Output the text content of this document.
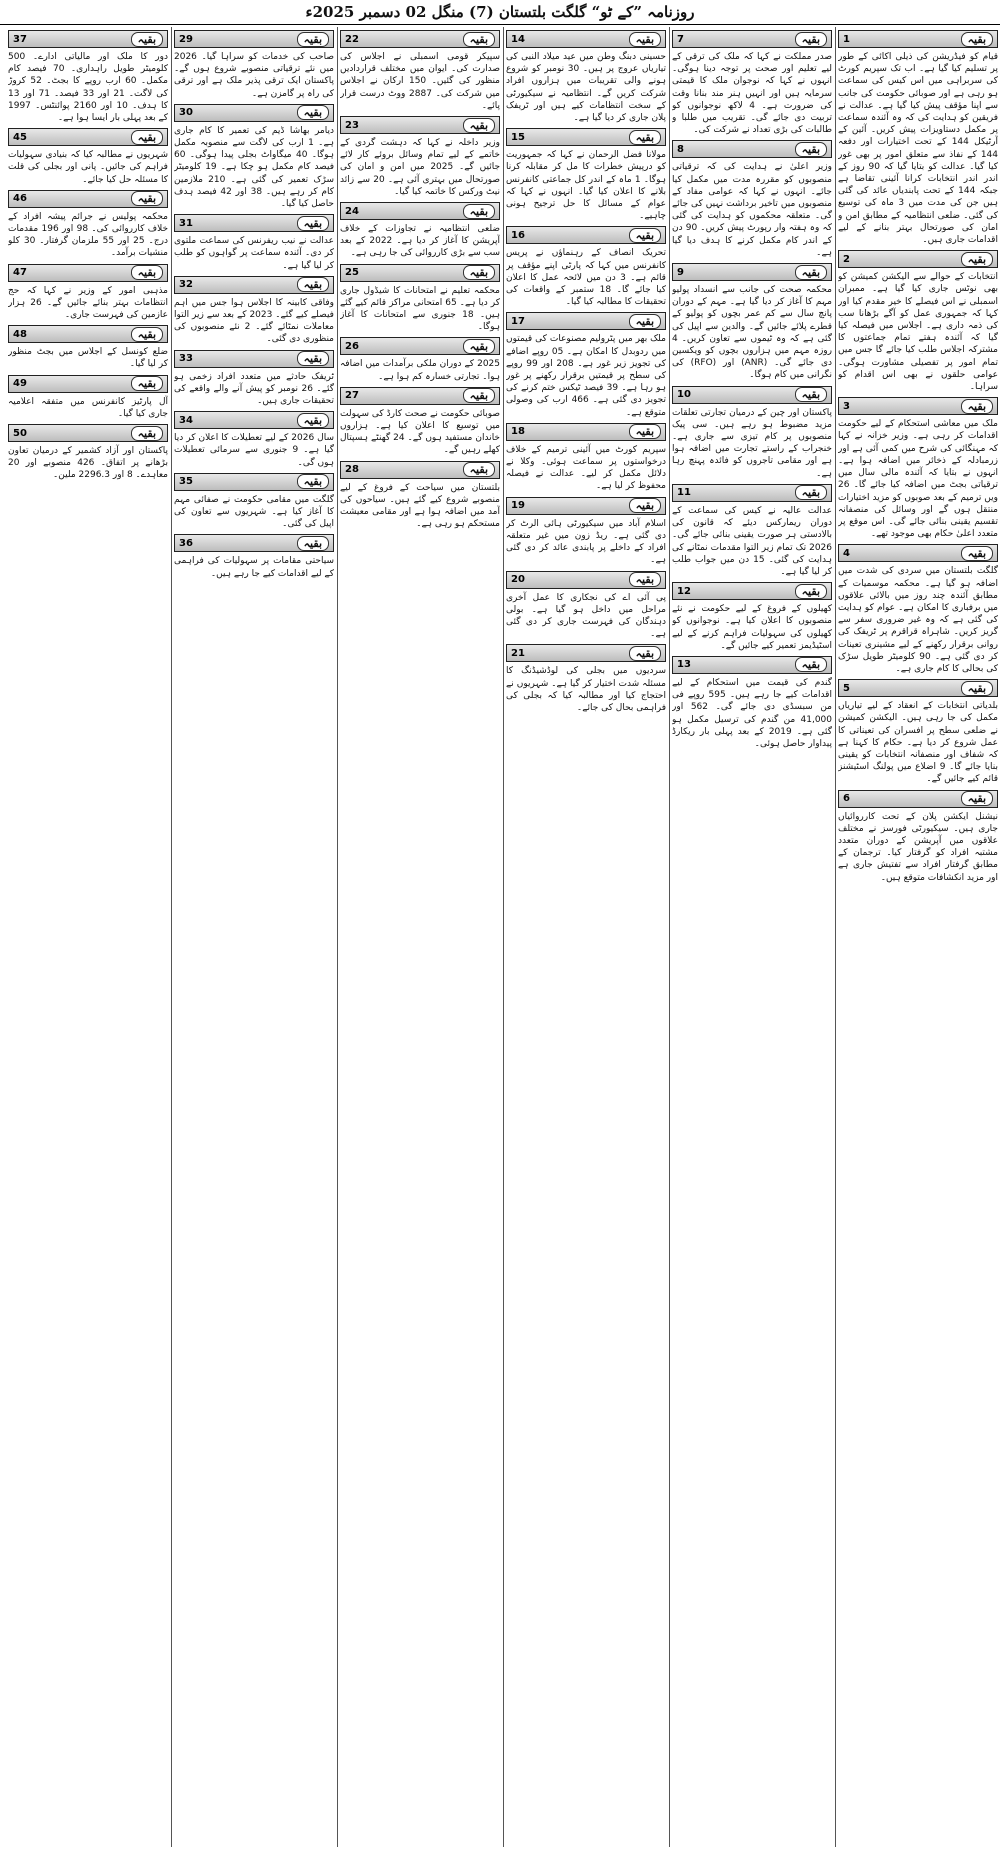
روزنامہ ”کے ٹو“ گلگت بلتستان (7) منگل 02 دسمبر 2025ء
بقیہ
1

قیام کو فیڈریشن کی ذیلی اکائی کے طور پر تسلیم کیا گیا ہے۔ اب تک سپریم کورٹ کی سربراہی میں اس کیس کی سماعت ہو رہی ہے اور صوبائی حکومت کی جانب سے اپنا مؤقف پیش کیا گیا ہے۔ عدالت نے فریقین کو ہدایت کی کہ وہ آئندہ سماعت پر مکمل دستاویزات پیش کریں۔ آئین کے آرٹیکل 144 کے تحت اختیارات اور دفعہ 144 کے نفاذ سے متعلق امور پر بھی غور کیا گیا۔ عدالت کو بتایا گیا کہ 90 روز کے اندر اندر انتخابات کرانا آئینی تقاضا ہے جبکہ 144 کے تحت پابندیاں عائد کی گئی ہیں جن کی مدت میں 3 ماہ کی توسیع کی گئی۔ ضلعی انتظامیہ کے مطابق امن و امان کی صورتحال بہتر بنانے کے لیے اقدامات جاری ہیں۔

بقیہ
2

انتخابات کے حوالے سے الیکشن کمیشن کو بھی نوٹس جاری کیا گیا ہے۔ ممبران اسمبلی نے اس فیصلے کا خیر مقدم کیا اور کہا کہ جمہوری عمل کو آگے بڑھانا سب کی ذمہ داری ہے۔ اجلاس میں فیصلہ کیا گیا کہ آئندہ ہفتے تمام جماعتوں کا مشترکہ اجلاس طلب کیا جائے گا جس میں تمام امور پر تفصیلی مشاورت ہوگی۔ عوامی حلقوں نے بھی اس اقدام کو سراہا۔

بقیہ
3

ملک میں معاشی استحکام کے لیے حکومت اقدامات کر رہی ہے۔ وزیر خزانہ نے کہا کہ مہنگائی کی شرح میں کمی آئی ہے اور زرمبادلہ کے ذخائر میں اضافہ ہوا ہے۔ انہوں نے بتایا کہ آئندہ مالی سال میں ترقیاتی بجٹ میں اضافہ کیا جائے گا۔ 26 ویں ترمیم کے بعد صوبوں کو مزید اختیارات منتقل ہوں گے اور وسائل کی منصفانہ تقسیم یقینی بنائی جائے گی۔ اس موقع پر متعدد اعلیٰ حکام بھی موجود تھے۔

بقیہ
4

گلگت بلتستان میں سردی کی شدت میں اضافہ ہو گیا ہے۔ محکمہ موسمیات کے مطابق آئندہ چند روز میں بالائی علاقوں میں برفباری کا امکان ہے۔ عوام کو ہدایت کی گئی ہے کہ وہ غیر ضروری سفر سے گریز کریں۔ شاہراہ قراقرم پر ٹریفک کی روانی برقرار رکھنے کے لیے مشینری تعینات کر دی گئی ہے۔ 90 کلومیٹر طویل سڑک کی بحالی کا کام جاری ہے۔

بقیہ
5

بلدیاتی انتخابات کے انعقاد کے لیے تیاریاں مکمل کی جا رہی ہیں۔ الیکشن کمیشن نے ضلعی سطح پر افسران کی تعیناتی کا عمل شروع کر دیا ہے۔ حکام کا کہنا ہے کہ شفاف اور منصفانہ انتخابات کو یقینی بنایا جائے گا۔ 9 اضلاع میں پولنگ اسٹیشنز قائم کیے جائیں گے۔

بقیہ
6

نیشنل ایکشن پلان کے تحت کارروائیاں جاری ہیں۔ سیکیورٹی فورسز نے مختلف علاقوں میں آپریشن کے دوران متعدد مشتبہ افراد کو گرفتار کیا۔ ترجمان کے مطابق گرفتار افراد سے تفتیش جاری ہے اور مزید انکشافات متوقع ہیں۔

بقیہ
7

صدر مملکت نے کہا کہ ملک کی ترقی کے لیے تعلیم اور صحت پر توجہ دینا ہوگی۔ انہوں نے کہا کہ نوجوان ملک کا قیمتی سرمایہ ہیں اور انہیں ہنر مند بنانا وقت کی ضرورت ہے۔ 4 لاکھ نوجوانوں کو تربیت دی جائے گی۔ تقریب میں طلبا و طالبات کی بڑی تعداد نے شرکت کی۔

بقیہ
8

وزیر اعلیٰ نے ہدایت کی کہ ترقیاتی منصوبوں کو مقررہ مدت میں مکمل کیا جائے۔ انہوں نے کہا کہ عوامی مفاد کے منصوبوں میں تاخیر برداشت نہیں کی جائے گی۔ متعلقہ محکموں کو ہدایت کی گئی کہ وہ ہفتہ وار رپورٹ پیش کریں۔ 90 دن کے اندر کام مکمل کرنے کا ہدف دیا گیا ہے۔

بقیہ
9

محکمہ صحت کی جانب سے انسداد پولیو مہم کا آغاز کر دیا گیا ہے۔ مہم کے دوران پانچ سال سے کم عمر بچوں کو پولیو کے قطرے پلائے جائیں گے۔ والدین سے اپیل کی گئی ہے کہ وہ ٹیموں سے تعاون کریں۔ 4 روزہ مہم میں ہزاروں بچوں کو ویکسین دی جائے گی۔ (ANR) اور (RFO) کی نگرانی میں کام ہوگا۔

بقیہ
10

پاکستان اور چین کے درمیان تجارتی تعلقات مزید مضبوط ہو رہے ہیں۔ سی پیک منصوبوں پر کام تیزی سے جاری ہے۔ خنجراب کے راستے تجارت میں اضافہ ہوا ہے اور مقامی تاجروں کو فائدہ پہنچ رہا ہے۔

بقیہ
11

عدالت عالیہ نے کیس کی سماعت کے دوران ریمارکس دیئے کہ قانون کی بالادستی ہر صورت یقینی بنائی جائے گی۔ 2026 تک تمام زیر التوا مقدمات نمٹانے کی ہدایت کی گئی۔ 15 دن میں جواب طلب کر لیا گیا ہے۔

بقیہ
12

کھیلوں کے فروغ کے لیے حکومت نے نئے منصوبوں کا اعلان کیا ہے۔ نوجوانوں کو کھیلوں کی سہولیات فراہم کرنے کے لیے اسٹیڈیمز تعمیر کیے جائیں گے۔

بقیہ
13

گندم کی قیمت میں استحکام کے لیے اقدامات کیے جا رہے ہیں۔ 595 روپے فی من سبسڈی دی جائے گی۔ 562 اور 41,000 من گندم کی ترسیل مکمل ہو گئی ہے۔ 2019 کے بعد پہلی بار ریکارڈ پیداوار حاصل ہوئی۔

بقیہ
14

حسینی دبنگ وطن میں عید میلاد النبی کی تیاریاں عروج پر ہیں۔ 30 نومبر کو شروع ہونے والی تقریبات میں ہزاروں افراد شرکت کریں گے۔ انتظامیہ نے سیکیورٹی کے سخت انتظامات کیے ہیں اور ٹریفک پلان جاری کر دیا گیا ہے۔

بقیہ
15

مولانا فضل الرحمان نے کہا کہ جمہوریت کو درپیش خطرات کا مل کر مقابلہ کرنا ہوگا۔ 1 ماہ کے اندر کل جماعتی کانفرنس بلانے کا اعلان کیا گیا۔ انہوں نے کہا کہ عوام کے مسائل کا حل ترجیح ہونی چاہیے۔

بقیہ
16

تحریک انصاف کے رہنماؤں نے پریس کانفرنس میں کہا کہ پارٹی اپنے مؤقف پر قائم ہے۔ 3 دن میں لائحہ عمل کا اعلان کیا جائے گا۔ 18 ستمبر کے واقعات کی تحقیقات کا مطالبہ کیا گیا۔

بقیہ
17

ملک بھر میں پٹرولیم مصنوعات کی قیمتوں میں ردوبدل کا امکان ہے۔ 05 روپے اضافے کی تجویز زیر غور ہے۔ 208 اور 99 روپے کی سطح پر قیمتیں برقرار رکھنے پر غور ہو رہا ہے۔ 39 فیصد ٹیکس ختم کرنے کی تجویز دی گئی ہے۔ 466 ارب کی وصولی متوقع ہے۔

بقیہ
18

سپریم کورٹ میں آئینی ترمیم کے خلاف درخواستوں پر سماعت ہوئی۔ وکلا نے دلائل مکمل کر لیے۔ عدالت نے فیصلہ محفوظ کر لیا ہے۔

بقیہ
19

اسلام آباد میں سیکیورٹی ہائی الرٹ کر دی گئی ہے۔ ریڈ زون میں غیر متعلقہ افراد کے داخلے پر پابندی عائد کر دی گئی ہے۔

بقیہ
20

پی آئی اے کی نجکاری کا عمل آخری مراحل میں داخل ہو گیا ہے۔ بولی دہندگان کی فہرست جاری کر دی گئی ہے۔

بقیہ
21

سردیوں میں بجلی کی لوڈشیڈنگ کا مسئلہ شدت اختیار کر گیا ہے۔ شہریوں نے احتجاج کیا اور مطالبہ کیا کہ بجلی کی فراہمی بحال کی جائے۔

بقیہ
22

سپیکر قومی اسمبلی نے اجلاس کی صدارت کی۔ ایوان میں مختلف قراردادیں منظور کی گئیں۔ 150 ارکان نے اجلاس میں شرکت کی۔ 2887 ووٹ درست قرار پائے۔

بقیہ
23

وزیر داخلہ نے کہا کہ دہشت گردی کے خاتمے کے لیے تمام وسائل بروئے کار لائے جائیں گے۔ 2025 میں امن و امان کی صورتحال میں بہتری آئی ہے۔ 20 سے زائد نیٹ ورکس کا خاتمہ کیا گیا۔

بقیہ
24

ضلعی انتظامیہ نے تجاوزات کے خلاف آپریشن کا آغاز کر دیا ہے۔ 2022 کے بعد سب سے بڑی کارروائی کی جا رہی ہے۔

بقیہ
25

محکمہ تعلیم نے امتحانات کا شیڈول جاری کر دیا ہے۔ 65 امتحانی مراکز قائم کیے گئے ہیں۔ 18 جنوری سے امتحانات کا آغاز ہوگا۔

بقیہ
26

2025 کے دوران ملکی برآمدات میں اضافہ ہوا۔ تجارتی خسارہ کم ہوا ہے۔

بقیہ
27

صوبائی حکومت نے صحت کارڈ کی سہولت میں توسیع کا اعلان کیا ہے۔ ہزاروں خاندان مستفید ہوں گے۔ 24 گھنٹے ہسپتال کھلے رہیں گے۔

بقیہ
28

بلتستان میں سیاحت کے فروغ کے لیے منصوبے شروع کیے گئے ہیں۔ سیاحوں کی آمد میں اضافہ ہوا ہے اور مقامی معیشت مستحکم ہو رہی ہے۔

بقیہ
29

صاحب کی خدمات کو سراہا گیا۔ 2026 میں نئے ترقیاتی منصوبے شروع ہوں گے۔ پاکستان ایک ترقی پذیر ملک ہے اور ترقی کی راہ پر گامزن ہے۔

بقیہ
30

دیامر بھاشا ڈیم کی تعمیر کا کام جاری ہے۔ 1 ارب کی لاگت سے منصوبہ مکمل ہوگا۔ 40 میگاواٹ بجلی پیدا ہوگی۔ 60 فیصد کام مکمل ہو چکا ہے۔ 19 کلومیٹر سڑک تعمیر کی گئی ہے۔ 210 ملازمین کام کر رہے ہیں۔ 38 اور 42 فیصد ہدف حاصل کیا گیا۔

بقیہ
31

عدالت نے نیب ریفرنس کی سماعت ملتوی کر دی۔ آئندہ سماعت پر گواہوں کو طلب کر لیا گیا ہے۔

بقیہ
32

وفاقی کابینہ کا اجلاس ہوا جس میں اہم فیصلے کیے گئے۔ 2023 کے بعد سے زیر التوا معاملات نمٹائے گئے۔ 2 نئے منصوبوں کی منظوری دی گئی۔

بقیہ
33

ٹریفک حادثے میں متعدد افراد زخمی ہو گئے۔ 26 نومبر کو پیش آنے والے واقعے کی تحقیقات جاری ہیں۔

بقیہ
34

سال 2026 کے لیے تعطیلات کا اعلان کر دیا گیا ہے۔ 9 جنوری سے سرمائی تعطیلات ہوں گی۔

بقیہ
35

گلگت میں مقامی حکومت نے صفائی مہم کا آغاز کیا ہے۔ شہریوں سے تعاون کی اپیل کی گئی۔

بقیہ
36

سیاحتی مقامات پر سہولیات کی فراہمی کے لیے اقدامات کیے جا رہے ہیں۔

بقیہ
37

دور کا ملک اور مالیاتی ادارے۔ 500 کلومیٹر طویل راہداری۔ 70 فیصد کام مکمل۔ 60 ارب روپے کا بجٹ۔ 52 کروڑ کی لاگت۔ 21 اور 33 فیصد۔ 71 اور 13 کا ہدف۔ 10 اور 2160 پوائنٹس۔ 1997 کے بعد پہلی بار ایسا ہوا ہے۔

بقیہ
45

شہریوں نے مطالبہ کیا کہ بنیادی سہولیات فراہم کی جائیں۔ پانی اور بجلی کی قلت کا مسئلہ حل کیا جائے۔

بقیہ
46

محکمہ پولیس نے جرائم پیشہ افراد کے خلاف کارروائی کی۔ 98 اور 196 مقدمات درج۔ 25 اور 55 ملزمان گرفتار۔ 30 کلو منشیات برآمد۔

بقیہ
47

مذہبی امور کے وزیر نے کہا کہ حج انتظامات بہتر بنائے جائیں گے۔ 26 ہزار عازمین کی فہرست جاری۔

بقیہ
48

ضلع کونسل کے اجلاس میں بجٹ منظور کر لیا گیا۔

بقیہ
49

آل پارٹیز کانفرنس میں متفقہ اعلامیہ جاری کیا گیا۔

بقیہ
50

پاکستان اور آزاد کشمیر کے درمیان تعاون بڑھانے پر اتفاق۔ 426 منصوبے اور 20 معاہدے۔ 8 اور 2296.3 ملین۔
